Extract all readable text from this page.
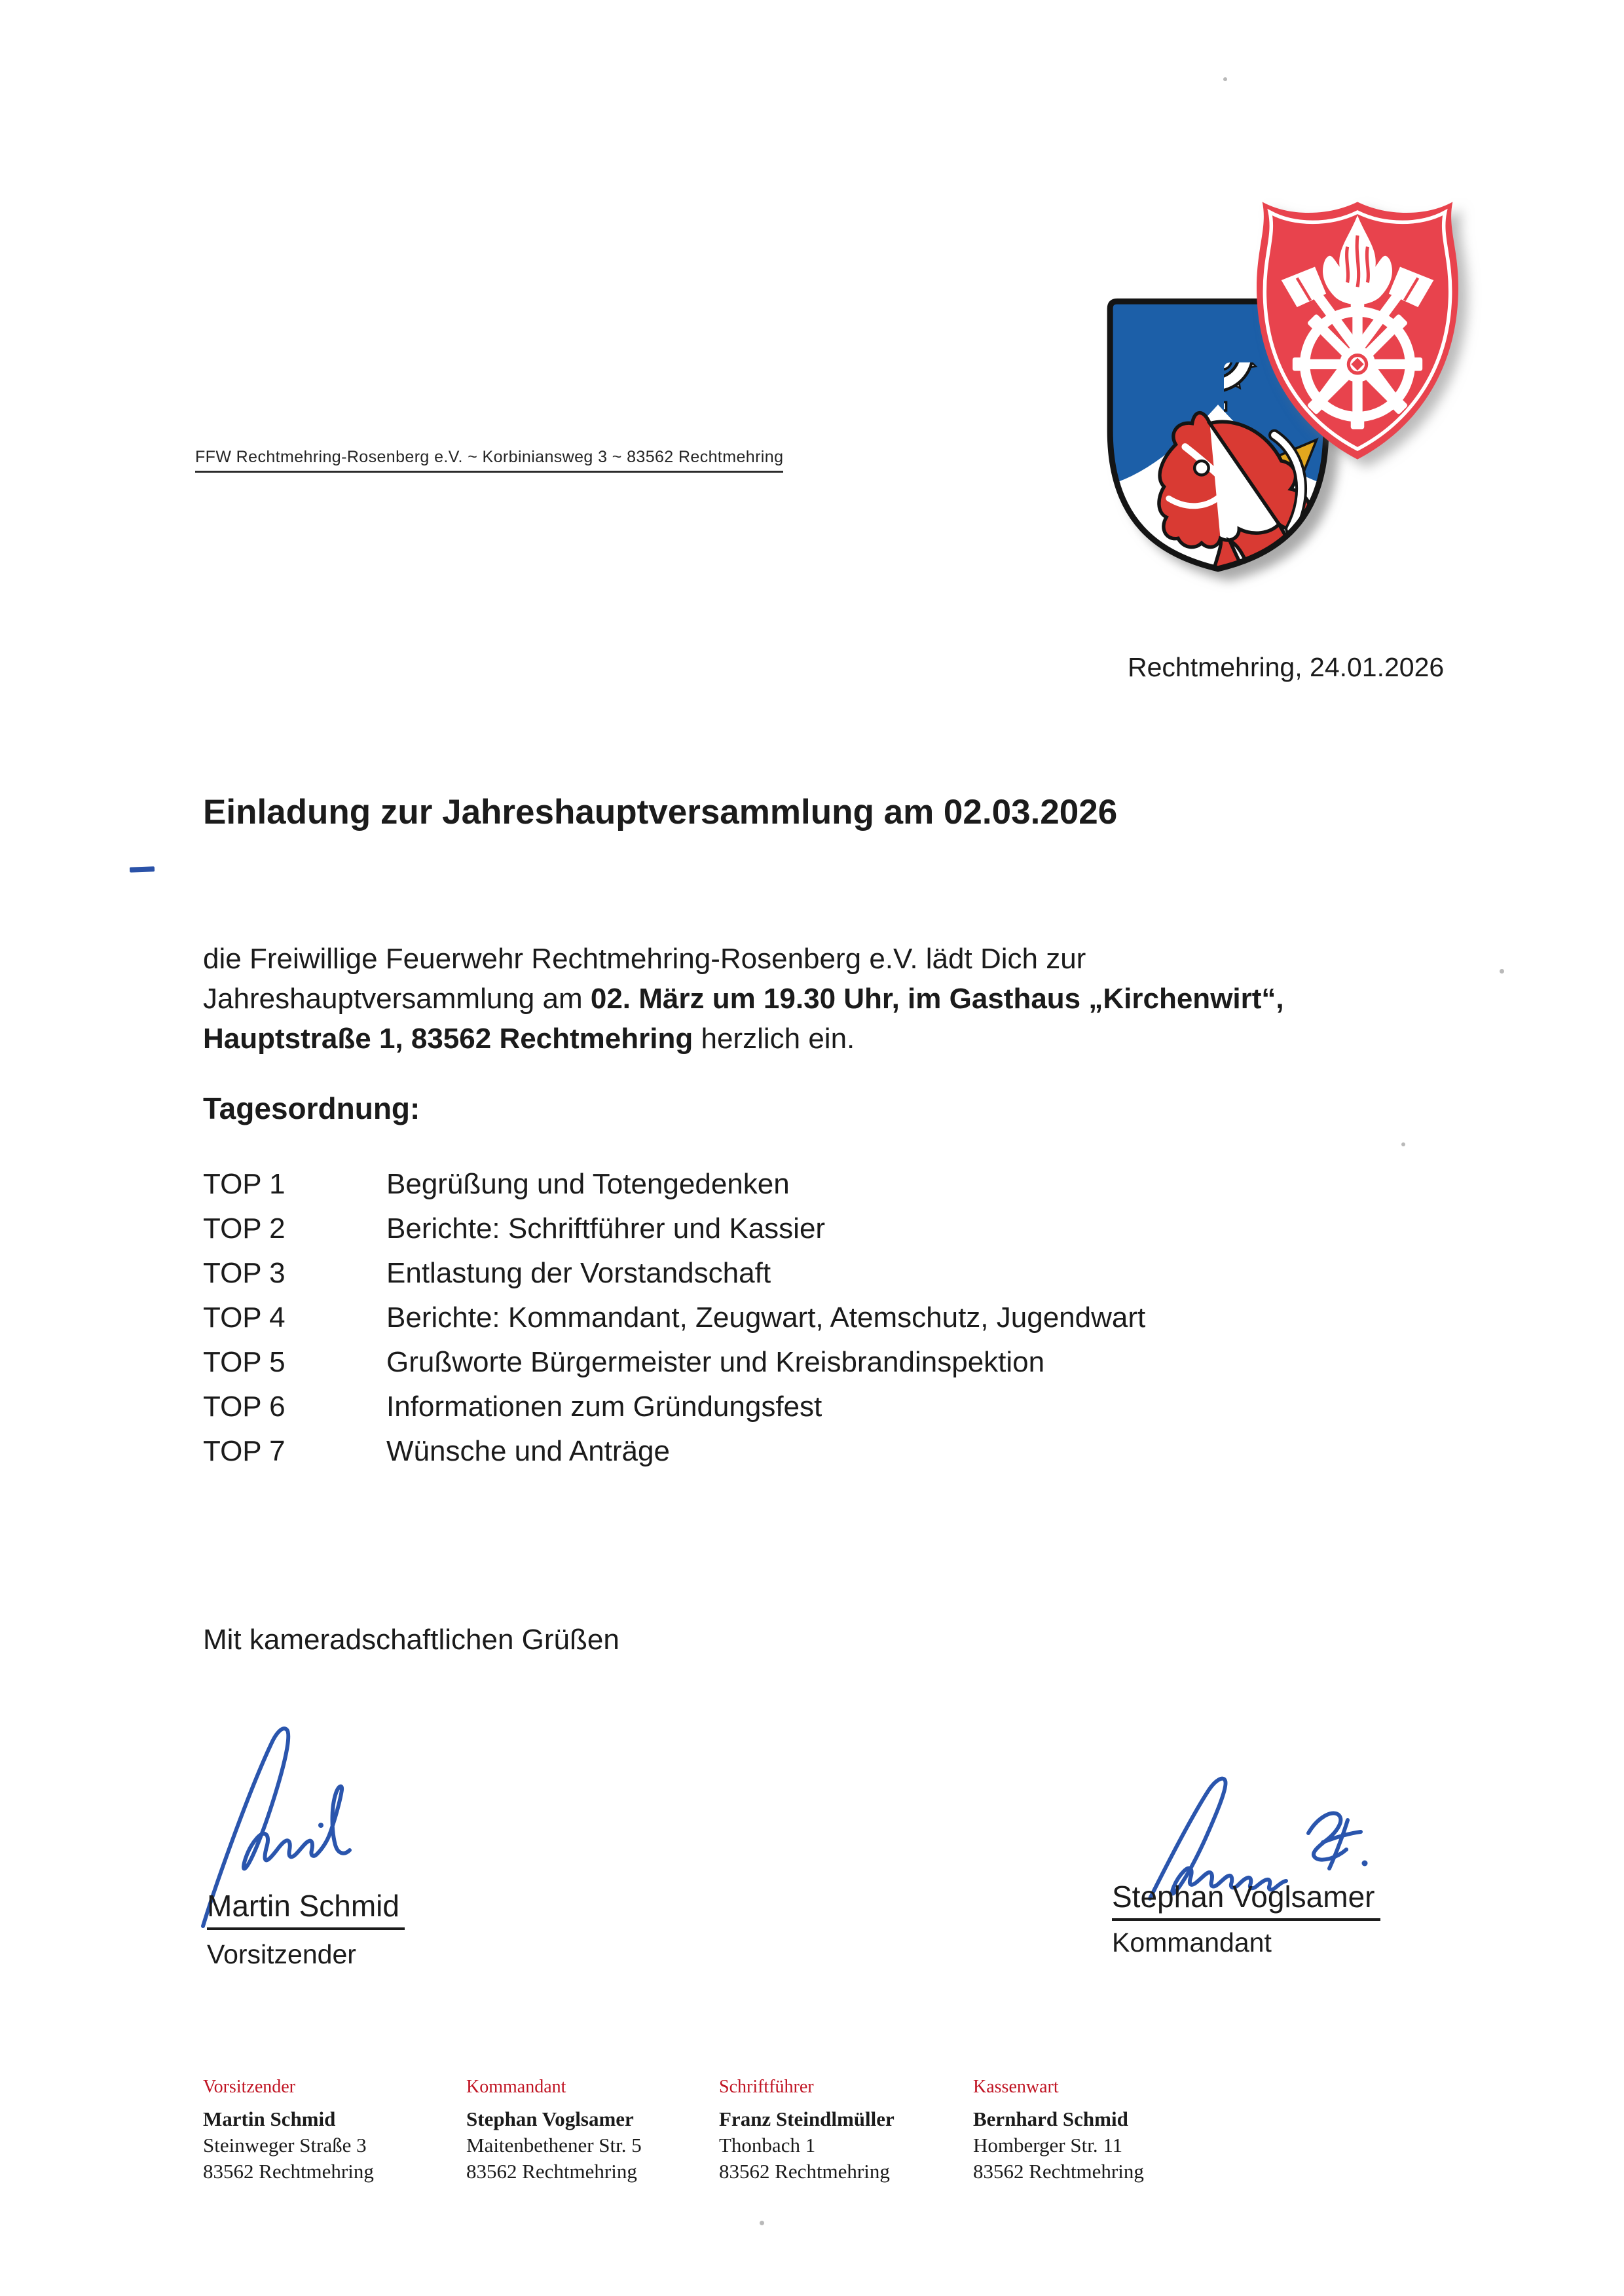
FFW Rechtmehring-Rosenberg e.V. ~ Korbiniansweg 3 ~ 83562 Rechtmehring
Rechtmehring, 24.01.2026
Einladung zur Jahreshauptversammlung am 02.03.2026
die Freiwillige Feuerwehr Rechtmehring-Rosenberg e.V. lädt Dich zur
Jahreshauptversammlung am 02. März um 19.30 Uhr, im Gasthaus „Kirchenwirt“,
Hauptstraße 1, 83562 Rechtmehring herzlich ein.
Tagesordnung:
TOP 1	Begrüßung und Totengedenken
TOP 2	Berichte: Schriftführer und Kassier
TOP 3	Entlastung der Vorstandschaft
TOP 4	Berichte: Kommandant, Zeugwart, Atemschutz, Jugendwart
TOP 5	Grußworte Bürgermeister und Kreisbrandinspektion
TOP 6	Informationen zum Gründungsfest
TOP 7	Wünsche und Anträge
Mit kameradschaftlichen Grüßen
Martin Schmid
Vorsitzender
Stephan Voglsamer
Kommandant
Vorsitzender
Martin Schmid
Steinweger Straße 3
83562 Rechtmehring
Kommandant
Stephan Voglsamer
Maitenbethener Str. 5
83562 Rechtmehring
Schriftführer
Franz Steindlmüller
Thonbach 1
83562 Rechtmehring
Kassenwart
Bernhard Schmid
Homberger Str. 11
83562 Rechtmehring
